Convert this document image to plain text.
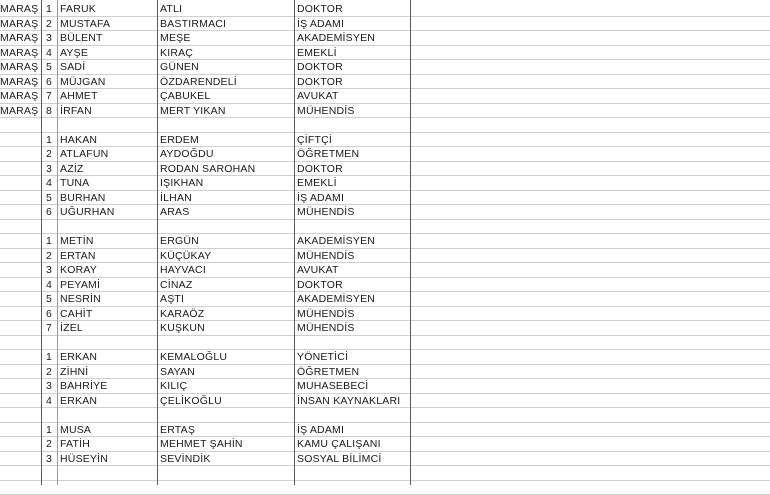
MARAŞ 1 FARUK	ATLI	DOKTOR
MARAŞ 2 MUSTAFA	BASTIRMACI	İŞ ADAMI
MARAŞ 3 BÜLENT	MEŞE	AKADEMİSYEN
MARAŞ 4 AYŞE	KIRAÇ	EMEKLİ
MARAŞ 5 SADİ	GÜNEN	DOKTOR
MARAŞ 6 MÜJGAN	ÖZDARENDELİ	DOKTOR
MARAŞ 7 AHMET	ÇABUKEL	AVUKAT
MARAŞ 8 İRFAN	MERT YIKAN	MÜHENDİS
1 HAKAN	ERDEM	ÇİFTÇİ
2 ATLAFUN	AYDOĞDU	ÖĞRETMEN
3 AZİZ	RODAN SAROHAN	DOKTOR
4 TUNA	IŞIKHAN	EMEKLİ
5 BURHAN	İLHAN	İŞ ADAMI
6 UĞURHAN	ARAS	MÜHENDİS
1 METİN	ERGÜN	AKADEMİSYEN
2 ERTAN	KÜÇÜKAY	MÜHENDİS
3 KORAY	HAYVACI	AVUKAT
4 PEYAMİ	CİNAZ	DOKTOR
5 NESRİN	AŞTI	AKADEMİSYEN
6 CAHİT	KARAÖZ	MÜHENDİS
7 İZEL	KUŞKUN	MÜHENDİS
1 ERKAN	KEMALOĞLU	YÖNETİCİ
2 ZİHNİ	SAYAN	ÖĞRETMEN
3 BAHRİYE	KILIÇ	MUHASEBECİ
4 ERKAN	ÇELİKOĞLU	İNSAN KAYNAKLARI
1 MUSA	ERTAŞ	İŞ ADAMI
2 FATİH	MEHMET ŞAHİN	KAMU ÇALIŞANI
3 HÜSEYİN	SEVİNDİK	SOSYAL BİLİMCİ
